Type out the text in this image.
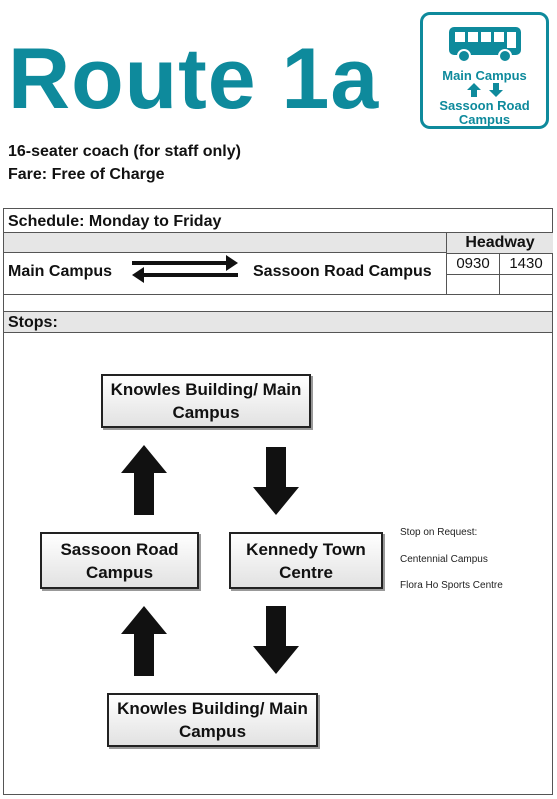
Route 1a	Main Campus
Sassoon Road
Campus
16-seater coach (for staff only)
Fare: Free of Charge
Schedule: Monday to Friday
Main Campus	Sassoon Road Campus
Headway
0930	1430
Stops:
Knowles Building/ Main Campus
Sassoon Road Campus
Kennedy Town Centre
Knowles Building/ Main Campus
Stop on Request:
Centennial Campus
Flora Ho Sports Centre
